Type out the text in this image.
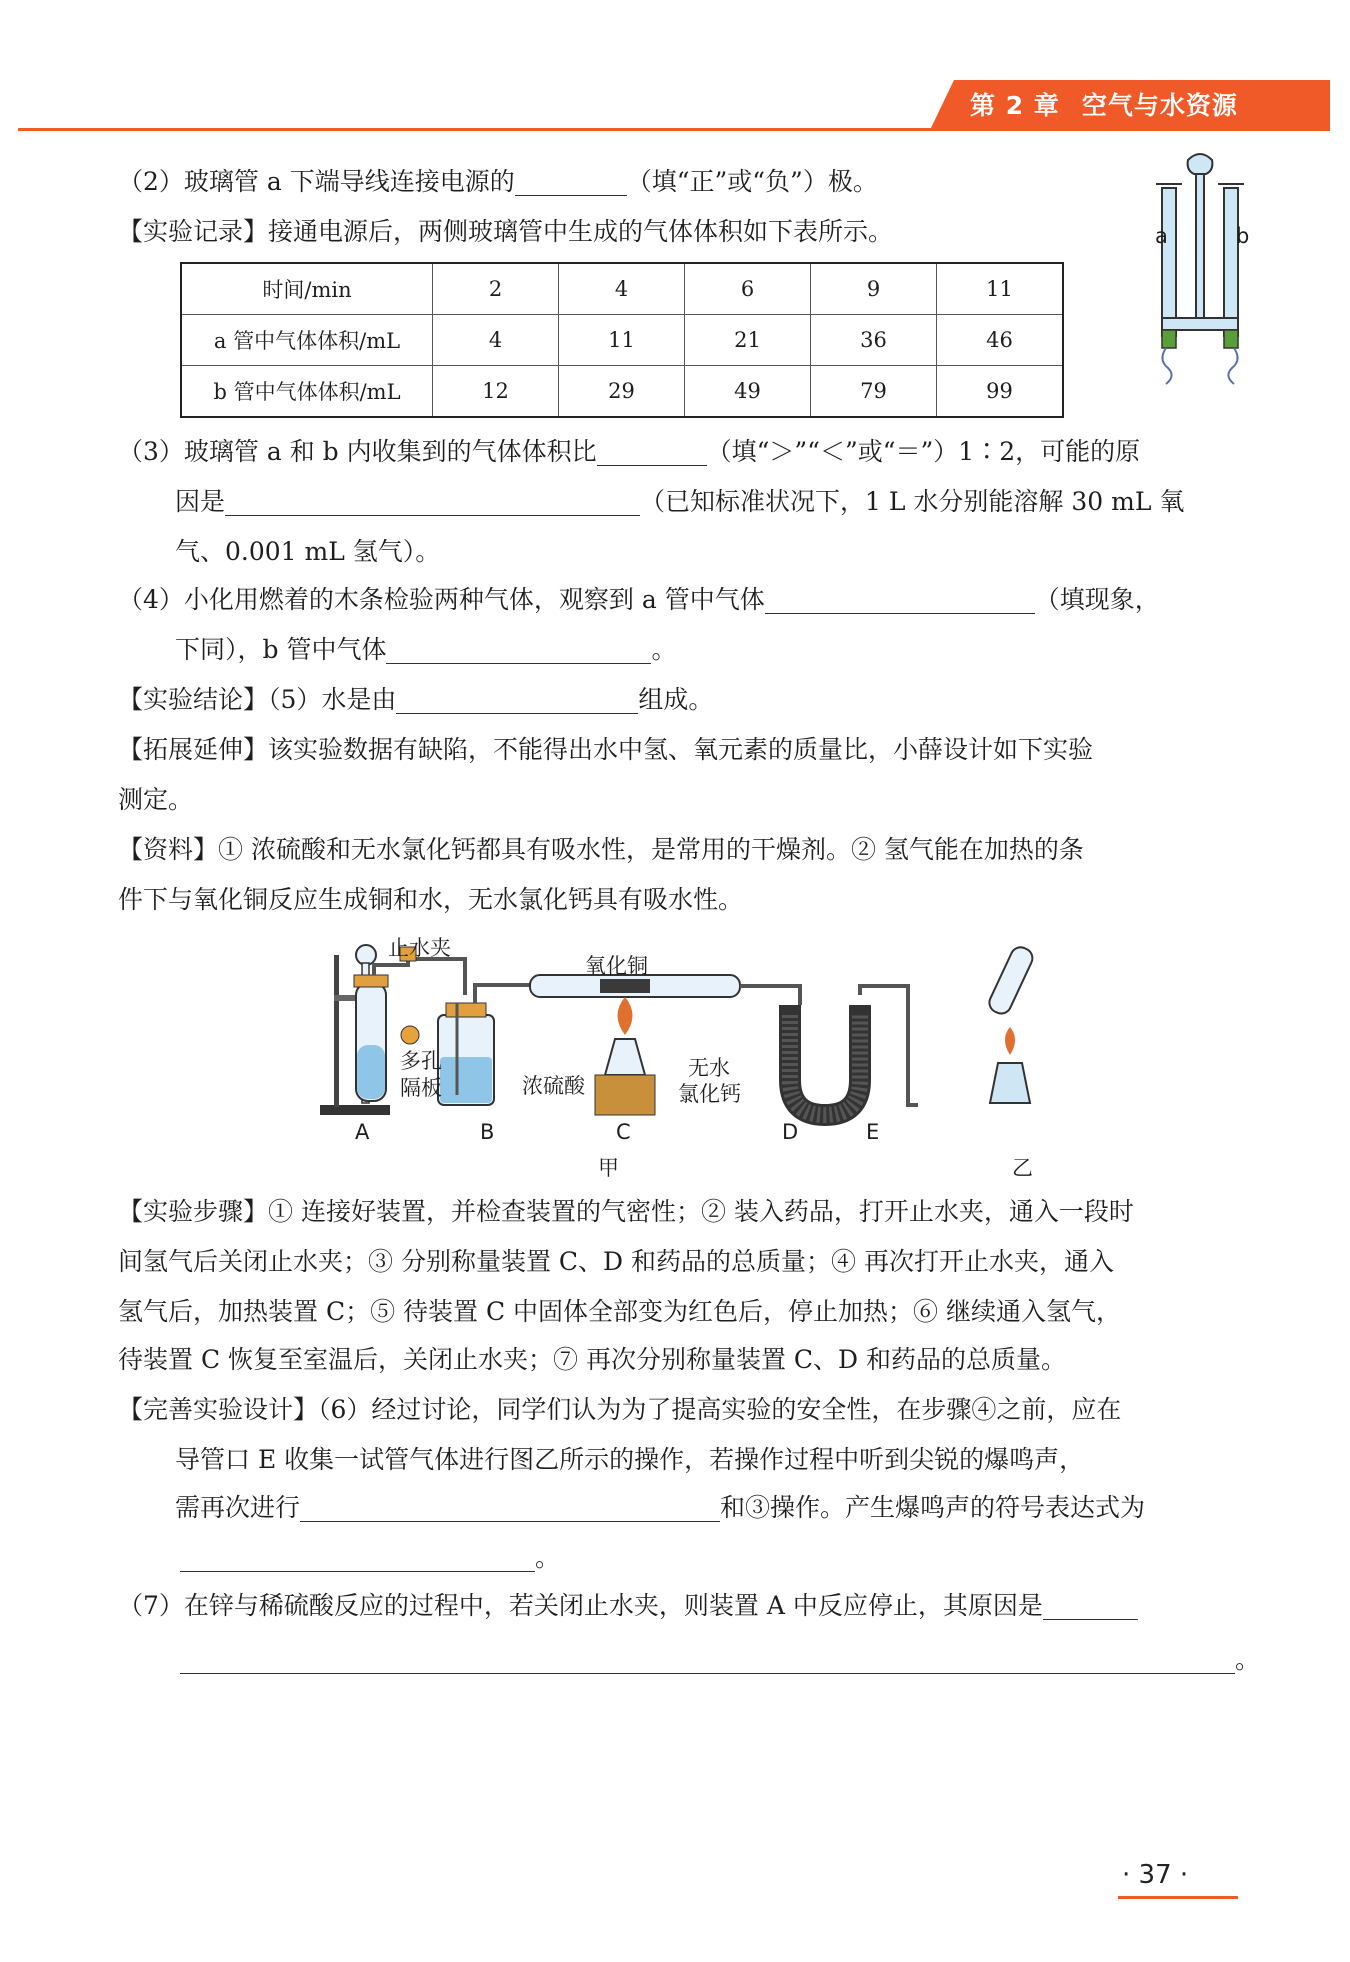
第 2 章 空气与水资源
（2）玻璃管 a 下端导线连接电源的	（填“正”或“负”）极。
【实验记录】接通电源后，两侧玻璃管中生成的气体体积如下表所示。
时间/min	2	4	6	9	11
a 管中气体体积/mL	4	11	21	36	46
b 管中气体体积/mL	12	29	49	79	99
a	b
（3）玻璃管 a 和 b 内收集到的气体体积比	（填“＞”“＜”或“＝”）1∶2，可能的原
因是	（已知标准状况下，1 L 水分别能溶解 30 mL 氧
气、0.001 mL 氢气）。
（4）小化用燃着的木条检验两种气体，观察到 a 管中气体	（填现象，
下同），b 管中气体	。
【实验结论】（5）水是由	组成。
【拓展延伸】该实验数据有缺陷，不能得出水中氢、氧元素的质量比，小薛设计如下实验
测定。
【资料】① 浓硫酸和无水氯化钙都具有吸水性，是常用的干燥剂。② 氢气能在加热的条
件下与氧化铜反应生成铜和水，无水氯化钙具有吸水性。
止水夹
氧化铜
多孔
隔板	浓硫酸
无水
氯化钙
A	B	C	D	E
甲	乙
【实验步骤】① 连接好装置，并检查装置的气密性；② 装入药品，打开止水夹，通入一段时
间氢气后关闭止水夹；③ 分别称量装置 C、D 和药品的总质量；④ 再次打开止水夹，通入
氢气后，加热装置 C；⑤ 待装置 C 中固体全部变为红色后，停止加热；⑥ 继续通入氢气，
待装置 C 恢复至室温后，关闭止水夹；⑦ 再次分别称量装置 C、D 和药品的总质量。
【完善实验设计】（6）经过讨论，同学们认为为了提高实验的安全性，在步骤④之前，应在
导管口 E 收集一试管气体进行图乙所示的操作，若操作过程中听到尖锐的爆鸣声，
需再次进行	和③操作。产生爆鸣声的符号表达式为
。
（7）在锌与稀硫酸反应的过程中，若关闭止水夹，则装置 A 中反应停止，其原因是
。
· 37 ·
